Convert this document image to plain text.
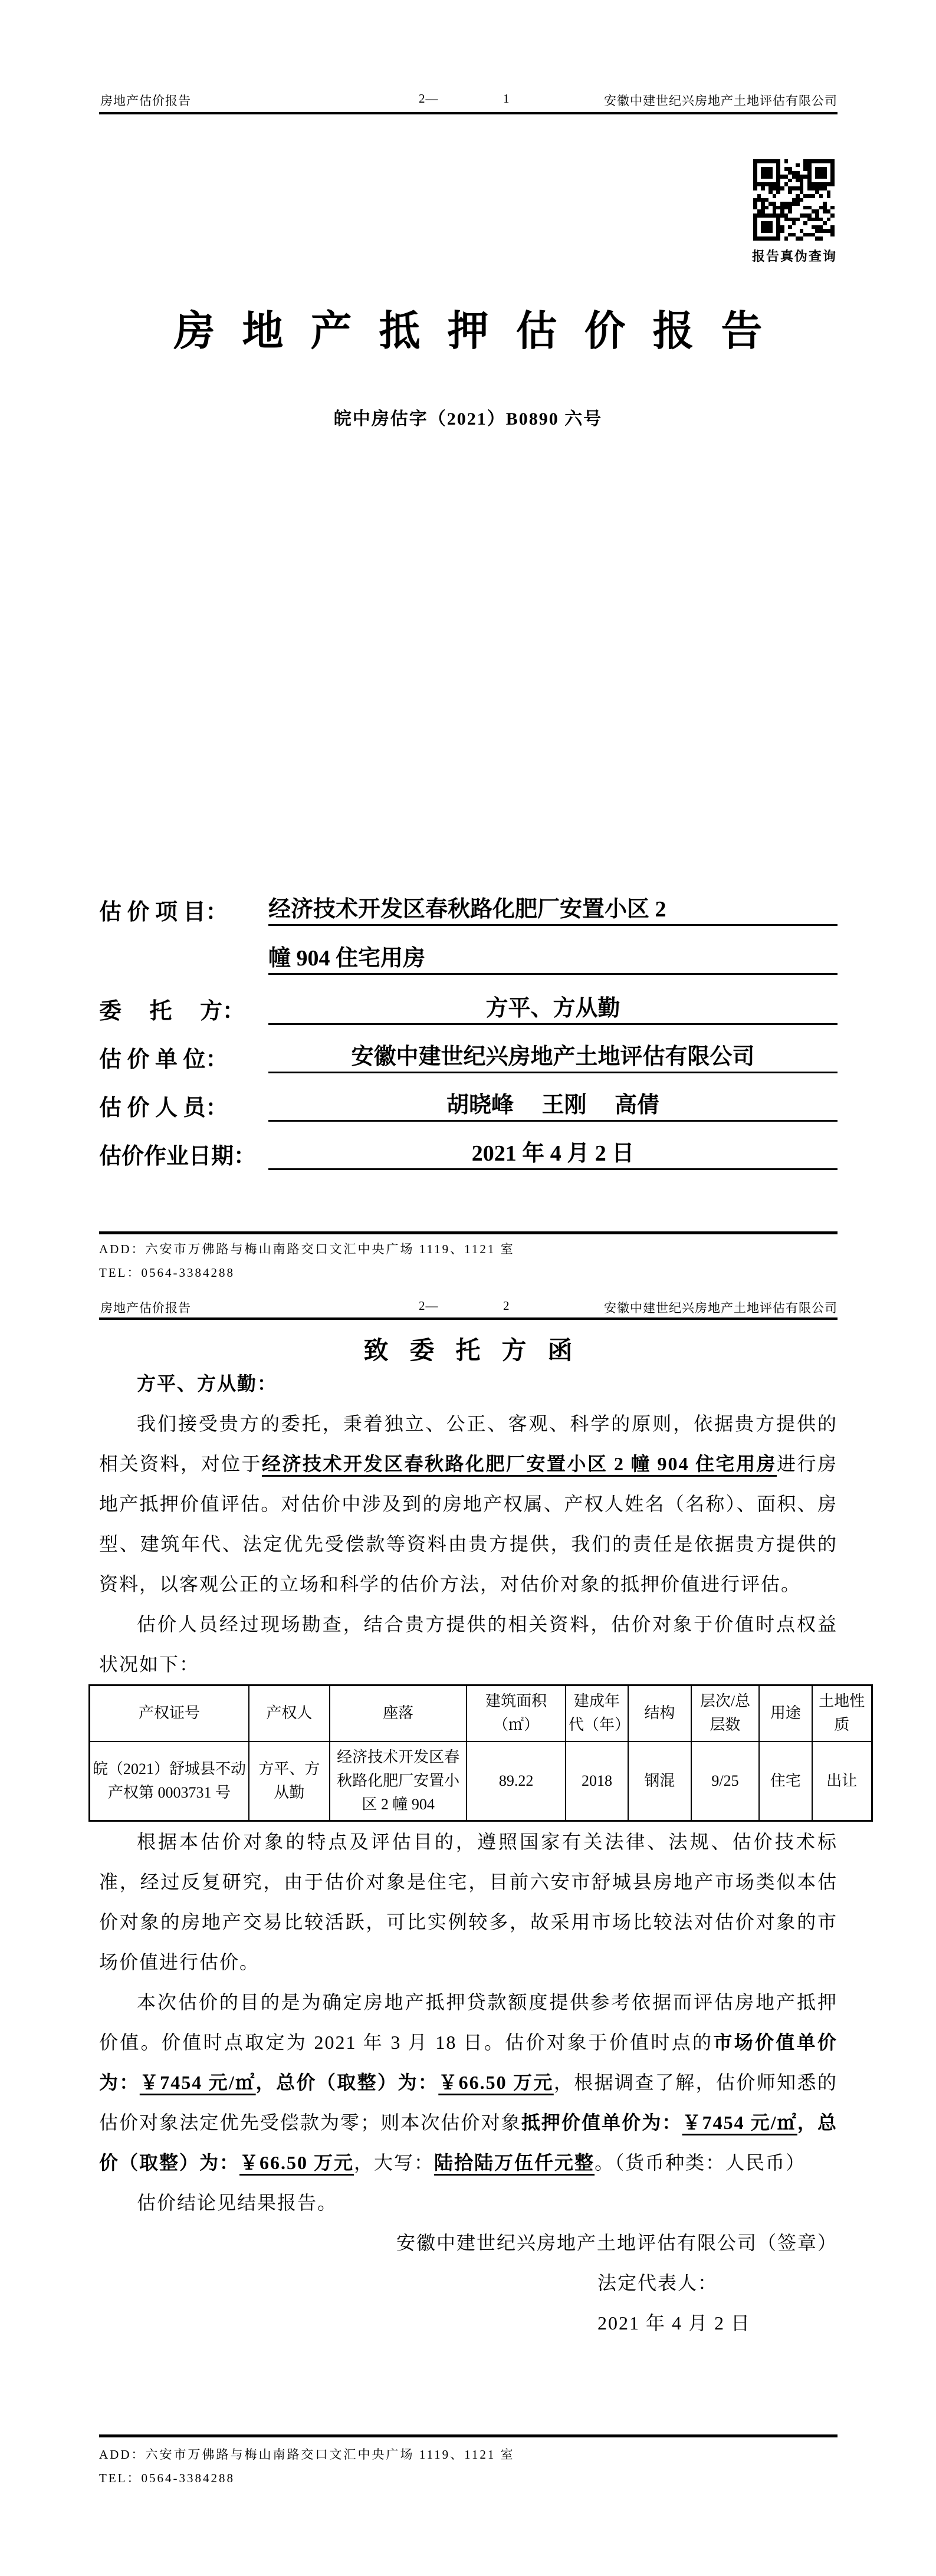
房地产估价报告	2—	1	安徽中建世纪兴房地产土地评估有限公司
报告真伪查询
房地产抵押估价报告
皖中房估字（2021）B0890 六号
估 价 项 目：	经济技术开发区春秋路化肥厂安置小区 2
幢 904 住宅用房
委　 托　 方：	方平、方从勤
估 价 单 位：	安徽中建世纪兴房地产土地评估有限公司
估 价 人 员：	胡晓峰　 王刚　 高倩
估价作业日期：	2021 年 4 月 2 日
ADD：六安市万佛路与梅山南路交口文汇中央广场 1119、1121 室
TEL：0564-3384288
房地产估价报告	2—	2	安徽中建世纪兴房地产土地评估有限公司
致委托方函

方平、方从勤：

我们接受贵方的委托，秉着独立、公正、客观、科学的原则，依据贵方提供的相关资料，对位于经济技术开发区春秋路化肥厂安置小区 2 幢 904 住宅用房进行房地产抵押价值评估。对估价中涉及到的房地产权属、产权人姓名（名称）、面积、房型、建筑年代、法定优先受偿款等资料由贵方提供，我们的责任是依据贵方提供的资料，以客观公正的立场和科学的估价方法，对估价对象的抵押价值进行评估。

估价人员经过现场勘查，结合贵方提供的相关资料，估价对象于价值时点权益状况如下：

产权证号	产权人	座落	建筑面积（㎡）	建成年代（年）	结构	层次/总层数	用途	土地性质
皖（2021）舒城县不动产权第 0003731 号	方平、方从勤	经济技术开发区春秋路化肥厂安置小区 2 幢 904	89.22	2018	钢混	9/25	住宅	出让

根据本估价对象的特点及评估目的，遵照国家有关法律、法规、估价技术标准，经过反复研究，由于估价对象是住宅，目前六安市舒城县房地产市场类似本估价对象的房地产交易比较活跃，可比实例较多，故采用市场比较法对估价对象的市场价值进行估价。

本次估价的目的是为确定房地产抵押贷款额度提供参考依据而评估房地产抵押价值。价值时点取定为 2021 年 3 月 18 日。估价对象于价值时点的市场价值单价为：￥7454 元/㎡，总价（取整）为：￥66.50 万元，根据调查了解，估价师知悉的估价对象法定优先受偿款为零；则本次估价对象抵押价值单价为：￥7454 元/㎡，总价（取整）为：￥66.50 万元，大写：陆拾陆万伍仟元整。（货币种类：人民币）

估价结论见结果报告。

安徽中建世纪兴房地产土地评估有限公司（签章）
法定代表人：
2021 年 4 月 2 日
ADD：六安市万佛路与梅山南路交口文汇中央广场 1119、1121 室
TEL：0564-3384288
